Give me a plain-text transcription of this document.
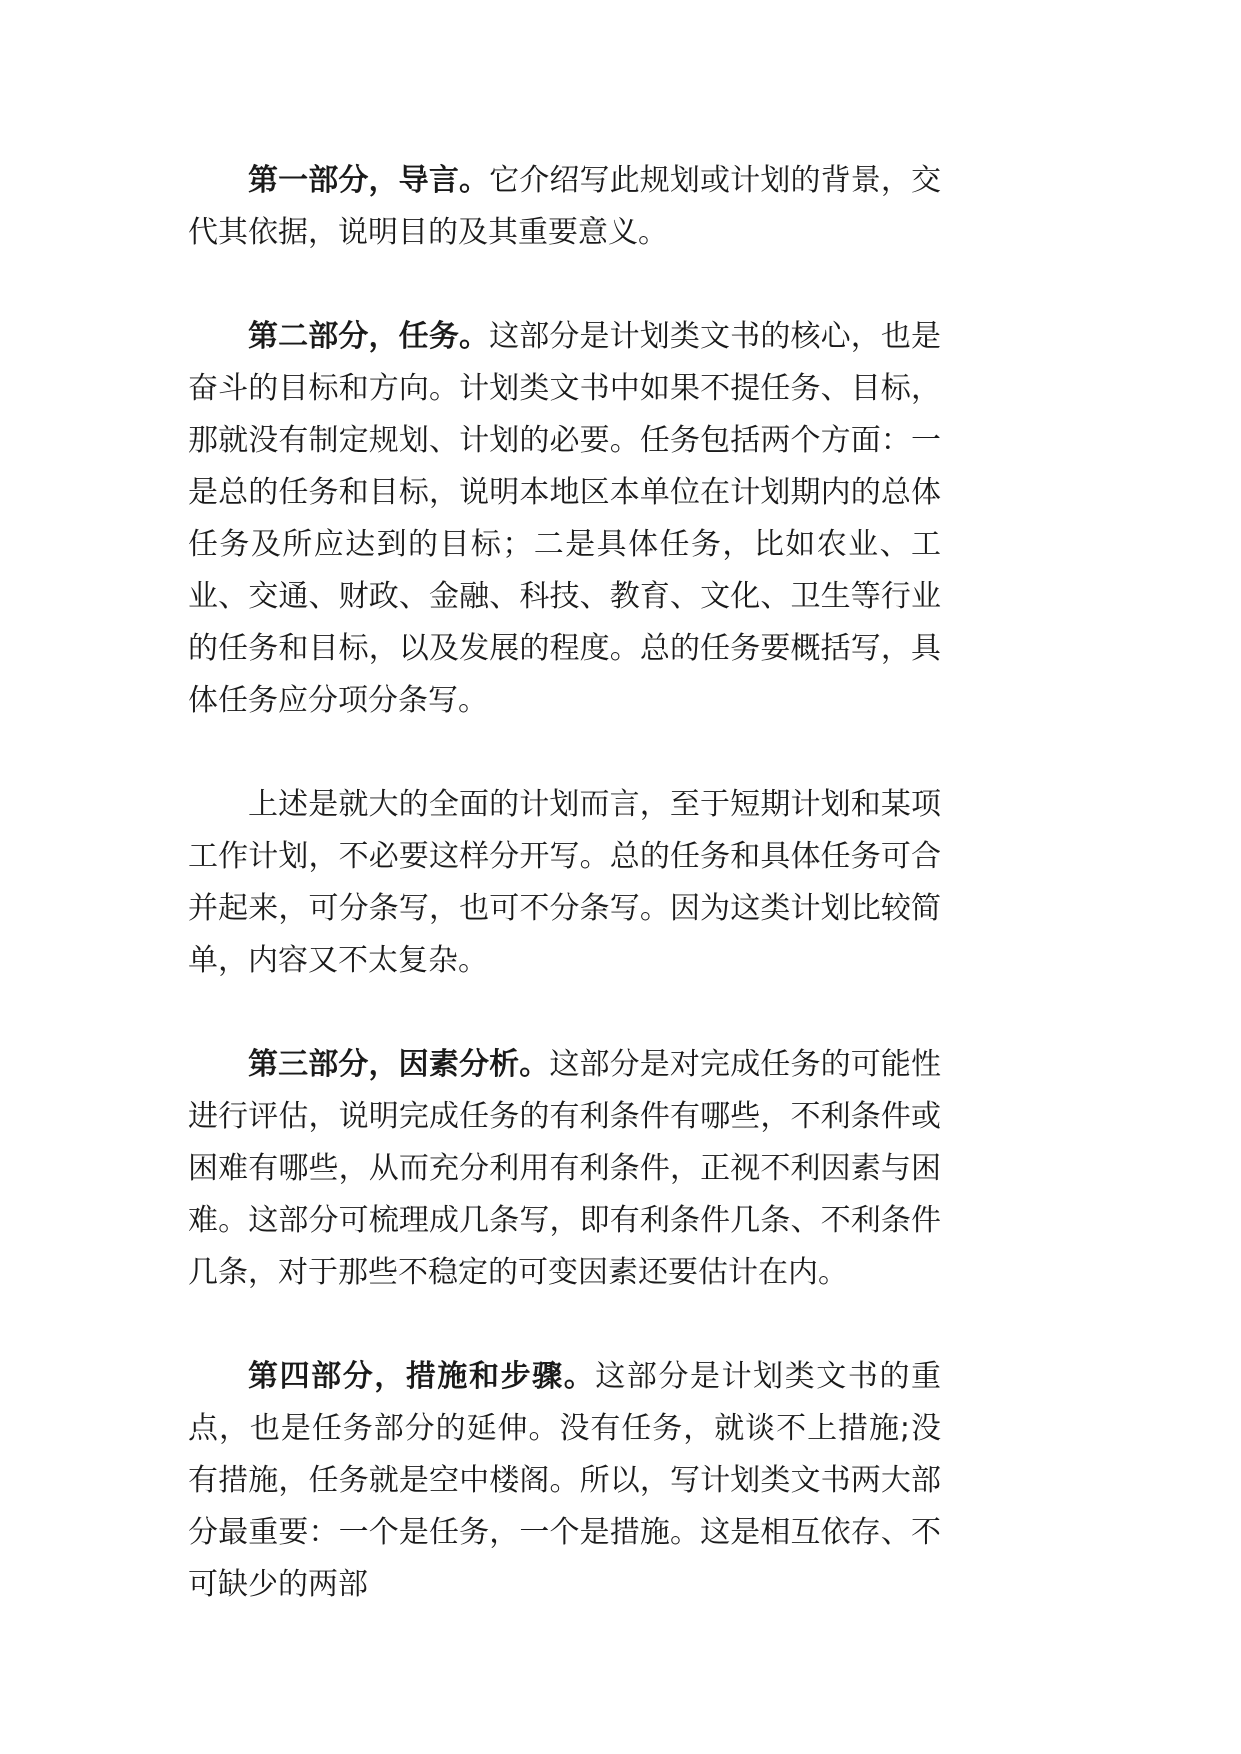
第一部分，导言。它介绍写此规划或计划的背景，交代其依据，说明目的及其重要意义。

第二部分，任务。这部分是计划类文书的核心，也是奋斗的目标和方向。计划类文书中如果不提任务、目标，那就没有制定规划、计划的必要。任务包括两个方面：一是总的任务和目标，说明本地区本单位在计划期内的总体任务及所应达到的目标；二是具体任务，比如农业、工业、交通、财政、金融、科技、教育、文化、卫生等行业的任务和目标，以及发展的程度。总的任务要概括写，具体任务应分项分条写。

上述是就大的全面的计划而言，至于短期计划和某项工作计划，不必要这样分开写。总的任务和具体任务可合并起来，可分条写，也可不分条写。因为这类计划比较简单，内容又不太复杂。

第三部分，因素分析。这部分是对完成任务的可能性进行评估，说明完成任务的有利条件有哪些，不利条件或困难有哪些，从而充分利用有利条件，正视不利因素与困难。这部分可梳理成几条写，即有利条件几条、不利条件几条，对于那些不稳定的可变因素还要估计在内。

第四部分，措施和步骤。这部分是计划类文书的重点，也是任务部分的延伸。没有任务，就谈不上措施;没有措施，任务就是空中楼阁。所以，写计划类文书两大部分最重要：一个是任务，一个是措施。这是相互依存、不可缺少的两部
